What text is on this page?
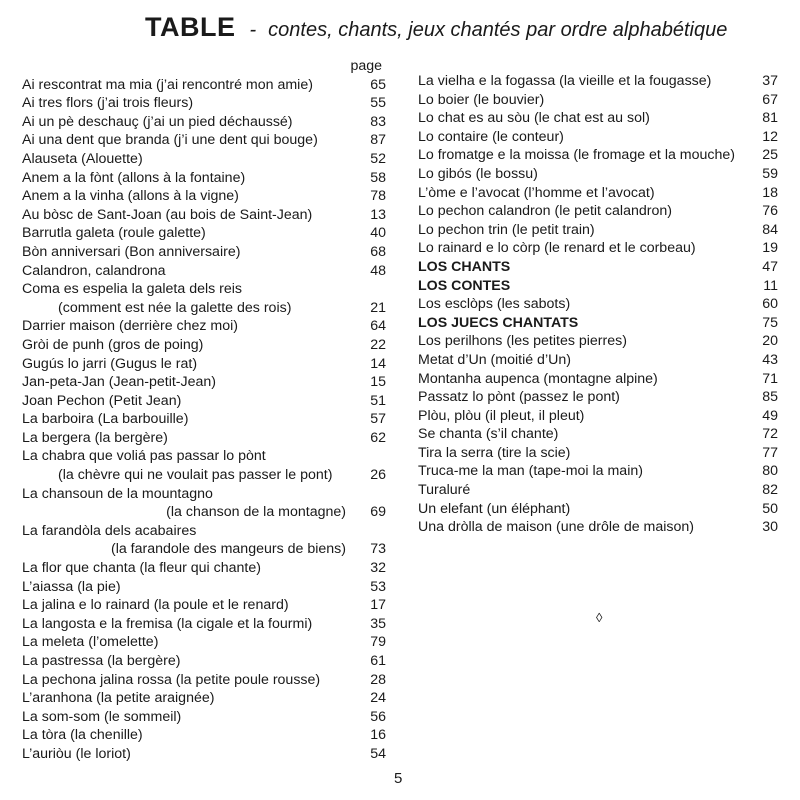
TABLE - contes, chants, jeux chantés par ordre alphabétique
page
Ai rescontrat ma mia (j’ai rencontré mon amie)	65
Ai tres flors (j’ai trois fleurs)	55
Ai un pè deschauç (j’ai un pied déchaussé)	83
Ai una dent que branda (j’i une dent qui bouge)	87
Alauseta (Alouette)	52
Anem a la fònt (allons à la fontaine)	58
Anem a la vinha (allons à la vigne)	78
Au bòsc de Sant-Joan (au bois de Saint-Jean)	13
Barrutla galeta (roule galette)	40
Bòn anniversari (Bon anniversaire)	68
Calandron, calandrona	48
Coma es espelia la galeta dels reis
(comment est née la galette des rois)	21
Darrier maison (derrière chez moi)	64
Gròi de punh (gros de poing)	22
Gugús lo jarri (Gugus le rat)	14
Jan-peta-Jan (Jean-petit-Jean)	15
Joan Pechon (Petit Jean)	51
La barboira (La barbouille)	57
La bergera (la bergère)	62
La chabra que voliá pas passar lo pònt
(la chèvre qui ne voulait pas passer le pont)	26
La chansoun de la mountagno
(la chanson de la montagne)	69
La farandòla dels acabaires
(la farandole des mangeurs de biens)	73
La flor que chanta (la fleur qui chante)	32
L’aiassa (la pie)	53
La jalina e lo rainard (la poule et le renard)	17
La langosta e la fremisa (la cigale et la fourmi)	35
La meleta (l’omelette)	79
La pastressa (la bergère)	61
La pechona jalina rossa (la petite poule rousse)	28
L’aranhona (la petite araignée)	24
La som-som (le sommeil)	56
La tòra (la chenille)	16
L’auriòu (le loriot)	54
La vielha e la fogassa (la vieille et la fougasse)	37
Lo boier (le bouvier)	67
Lo chat es au sòu (le chat est au sol)	81
Lo contaire (le conteur)	12
Lo fromatge e la moissa (le fromage et la mouche)	25
Lo gibós (le bossu)	59
L’òme e l’avocat (l’homme et l’avocat)	18
Lo pechon calandron (le petit calandron)	76
Lo pechon trin (le petit train)	84
Lo rainard e lo còrp (le renard et le corbeau)	19
LOS CHANTS	47
LOS CONTES	11
Los esclòps (les sabots)	60
LOS JUECS CHANTATS	75
Los perilhons (les petites pierres)	20
Metat d’Un (moitié d’Un)	43
Montanha aupenca (montagne alpine)	71
Passatz lo pònt (passez le pont)	85
Plòu, plòu (il pleut, il pleut)	49
Se chanta (s’il chante)	72
Tira la serra (tire la scie)	77
Truca-me la man (tape-moi la main)	80
Turaluré	82
Un elefant (un éléphant)	50
Una dròlla de maison (une drôle de maison)	30
◊
5
